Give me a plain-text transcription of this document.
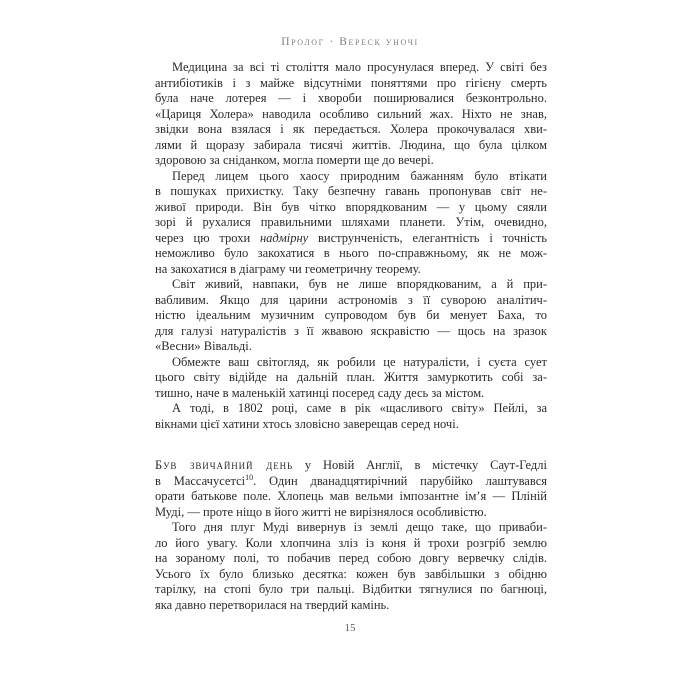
Пролог · Вереск уночі

Медицина за всі ті століття мало просунулася вперед. У світі без
антибіотиків і з майже відсутніми поняттями про гігієну смерть
була наче лотерея — і хвороби поширювалися безконтрольно.
«Цариця Холера» наводила особливо сильний жах. Ніхто не знав,
звідки вона взялася і як передається. Холера прокочувалася хви-
лями й щоразу забирала тисячі життів. Людина, що була цілком
здоровою за сніданком, могла померти ще до вечері.

Перед лицем цього хаосу природним бажанням було втікати
в пошуках прихистку. Таку безпечну гавань пропонував світ не-
живої природи. Він був чітко впорядкованим — у цьому сяяли
зорі й рухалися правильними шляхами планети. Утім, очевидно,
через цю трохи надмірну виструнченість, елегантність і точність
неможливо було закохатися в нього по-справжньому, як не мож-
на закохатися в діаграму чи геометричну теорему.

Світ живий, навпаки, був не лише впорядкованим, а й при-
вабливим. Якщо для царини астрономів з її суворою аналітич-
ністю ідеальним музичним супроводом був би менует Баха, то
для галузі натуралістів з її жвавою яскравістю — щось на зразок
«Весни» Вівальді.

Обмежте ваш світогляд, як робили це натуралісти, і суєта сует
цього світу відійде на дальній план. Життя замуркотить собі за-
тишно, наче в маленькій хатинці посеред саду десь за містом.

А тоді, в 1802 році, саме в рік «щасливого світу» Пейлі, за
вікнами цієї хатини хтось зловісно заверещав серед ночі.

Був звичайний день у Новій Англії, в містечку Саут-Гедлі
в Массачусетсі$^{10}$. Один дванадцятирічний парубійко лаштувався
орати батькове поле. Хлопець мав вельми імпозантне ім’я — Пліній
Муді, — проте ніщо в його житті не вирізнялося особливістю.

Того дня плуг Муді вивернув із землі дещо таке, що приваби-
ло його увагу. Коли хлопчина зліз із коня й трохи розгріб землю
на зораному полі, то побачив перед собою довгу вервечку слідів.
Усього їх було близько десятка: кожен був завбільшки з обідню
тарілку, на стопі було три пальці. Відбитки тягнулися по багнюці,
яка давно перетворилася на твердий камінь.

15
